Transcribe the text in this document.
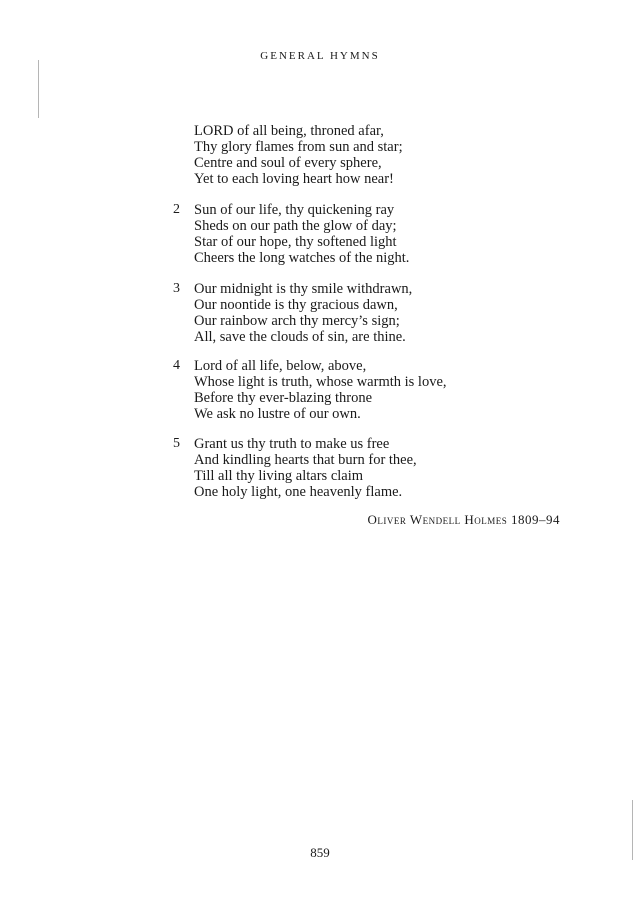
GENERAL HYMNS
LORD of all being, throned afar,
Thy glory flames from sun and star;
Centre and soul of every sphere,
Yet to each loving heart how near!
2 Sun of our life, thy quickening ray
Sheds on our path the glow of day;
Star of our hope, thy softened light
Cheers the long watches of the night.
3 Our midnight is thy smile withdrawn,
Our noontide is thy gracious dawn,
Our rainbow arch thy mercy’s sign;
All, save the clouds of sin, are thine.
4 Lord of all life, below, above,
Whose light is truth, whose warmth is love,
Before thy ever-blazing throne
We ask no lustre of our own.
5 Grant us thy truth to make us free
And kindling hearts that burn for thee,
Till all thy living altars claim
One holy light, one heavenly flame.
Oliver Wendell Holmes 1809–94
859
